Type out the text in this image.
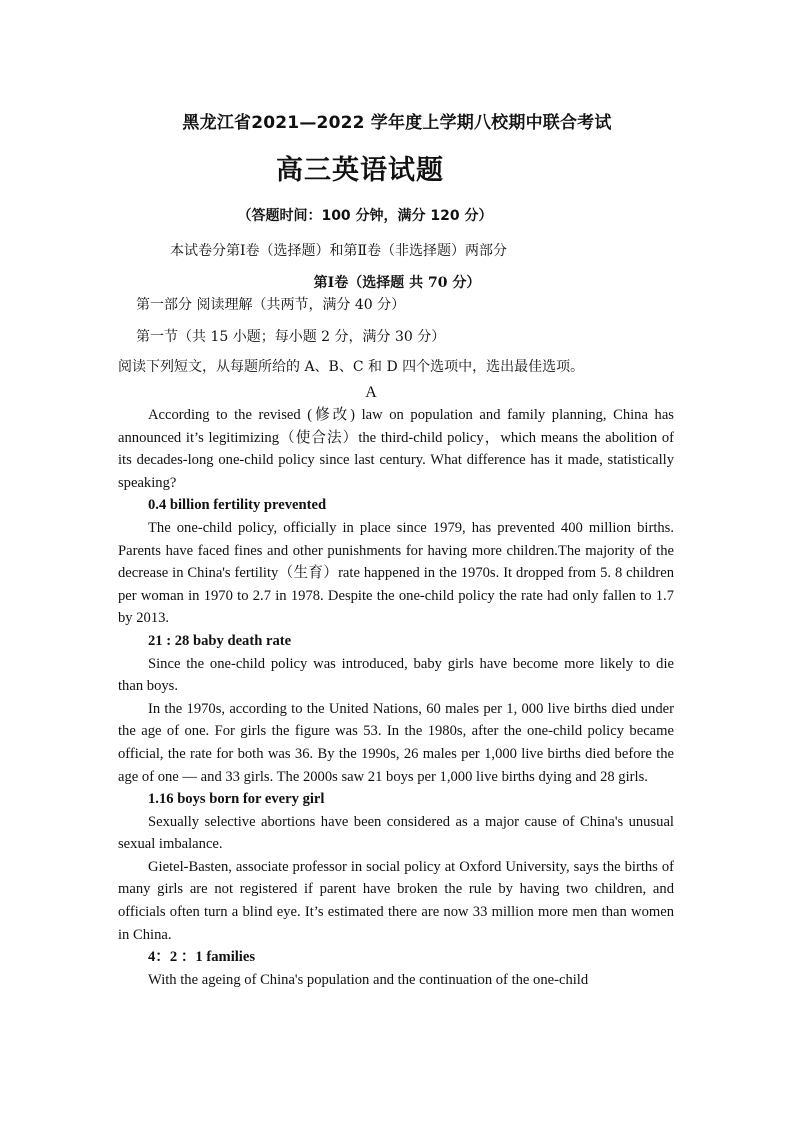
黑龙江省2021—2022 学年度上学期八校期中联合考试
高三英语试题
（答题时间：100 分钟，满分 120 分）
本试卷分第Ⅰ卷（选择题）和第Ⅱ卷（非选择题）两部分
第Ⅰ卷（选择题 共 70 分）
第一部分 阅读理解（共两节，满分 40 分）
第一节（共 15 小题；每小题 2 分，满分 30 分）
阅读下列短文，从每题所给的 A、B、C 和 D 四个选项中，选出最佳选项。
A

According to the revised (修改) law on population and family planning, China has announced it’s legitimizing（使合法）the third-child policy，which means the abolition of its decades-long one-child policy since last century. What difference has it made, statistically speaking?

0.4 billion fertility prevented

The one-child policy, officially in place since 1979, has prevented 400 million births. Parents have faced fines and other punishments for having more children.The majority of the decrease in China's fertility（生育）rate happened in the 1970s. It dropped from 5. 8 children per woman in 1970 to 2.7 in 1978. Despite the one-child policy the rate had only fallen to 1.7 by 2013.

21 : 28 baby death rate

Since the one-child policy was introduced, baby girls have become more likely to die than boys.

In the 1970s, according to the United Nations, 60 males per 1, 000 live births died under the age of one. For girls the figure was 53. In the 1980s, after the one-child policy became official, the rate for both was 36. By the 1990s, 26 males per 1,000 live births died before the age of one — and 33 girls. The 2000s saw 21 boys per 1,000 live births dying and 28 girls.

1.16 boys born for every girl

Sexually selective abortions have been considered as a major cause of China's unusual sexual imbalance.

Gietel-Basten, associate professor in social policy at Oxford University, says the births of many girls are not registered if parent have broken the rule by having two children, and officials often turn a blind eye. It’s estimated there are now 33 million more men than women in China.

4：2 ：1 families

With the ageing of China's population and the continuation of the one-child
